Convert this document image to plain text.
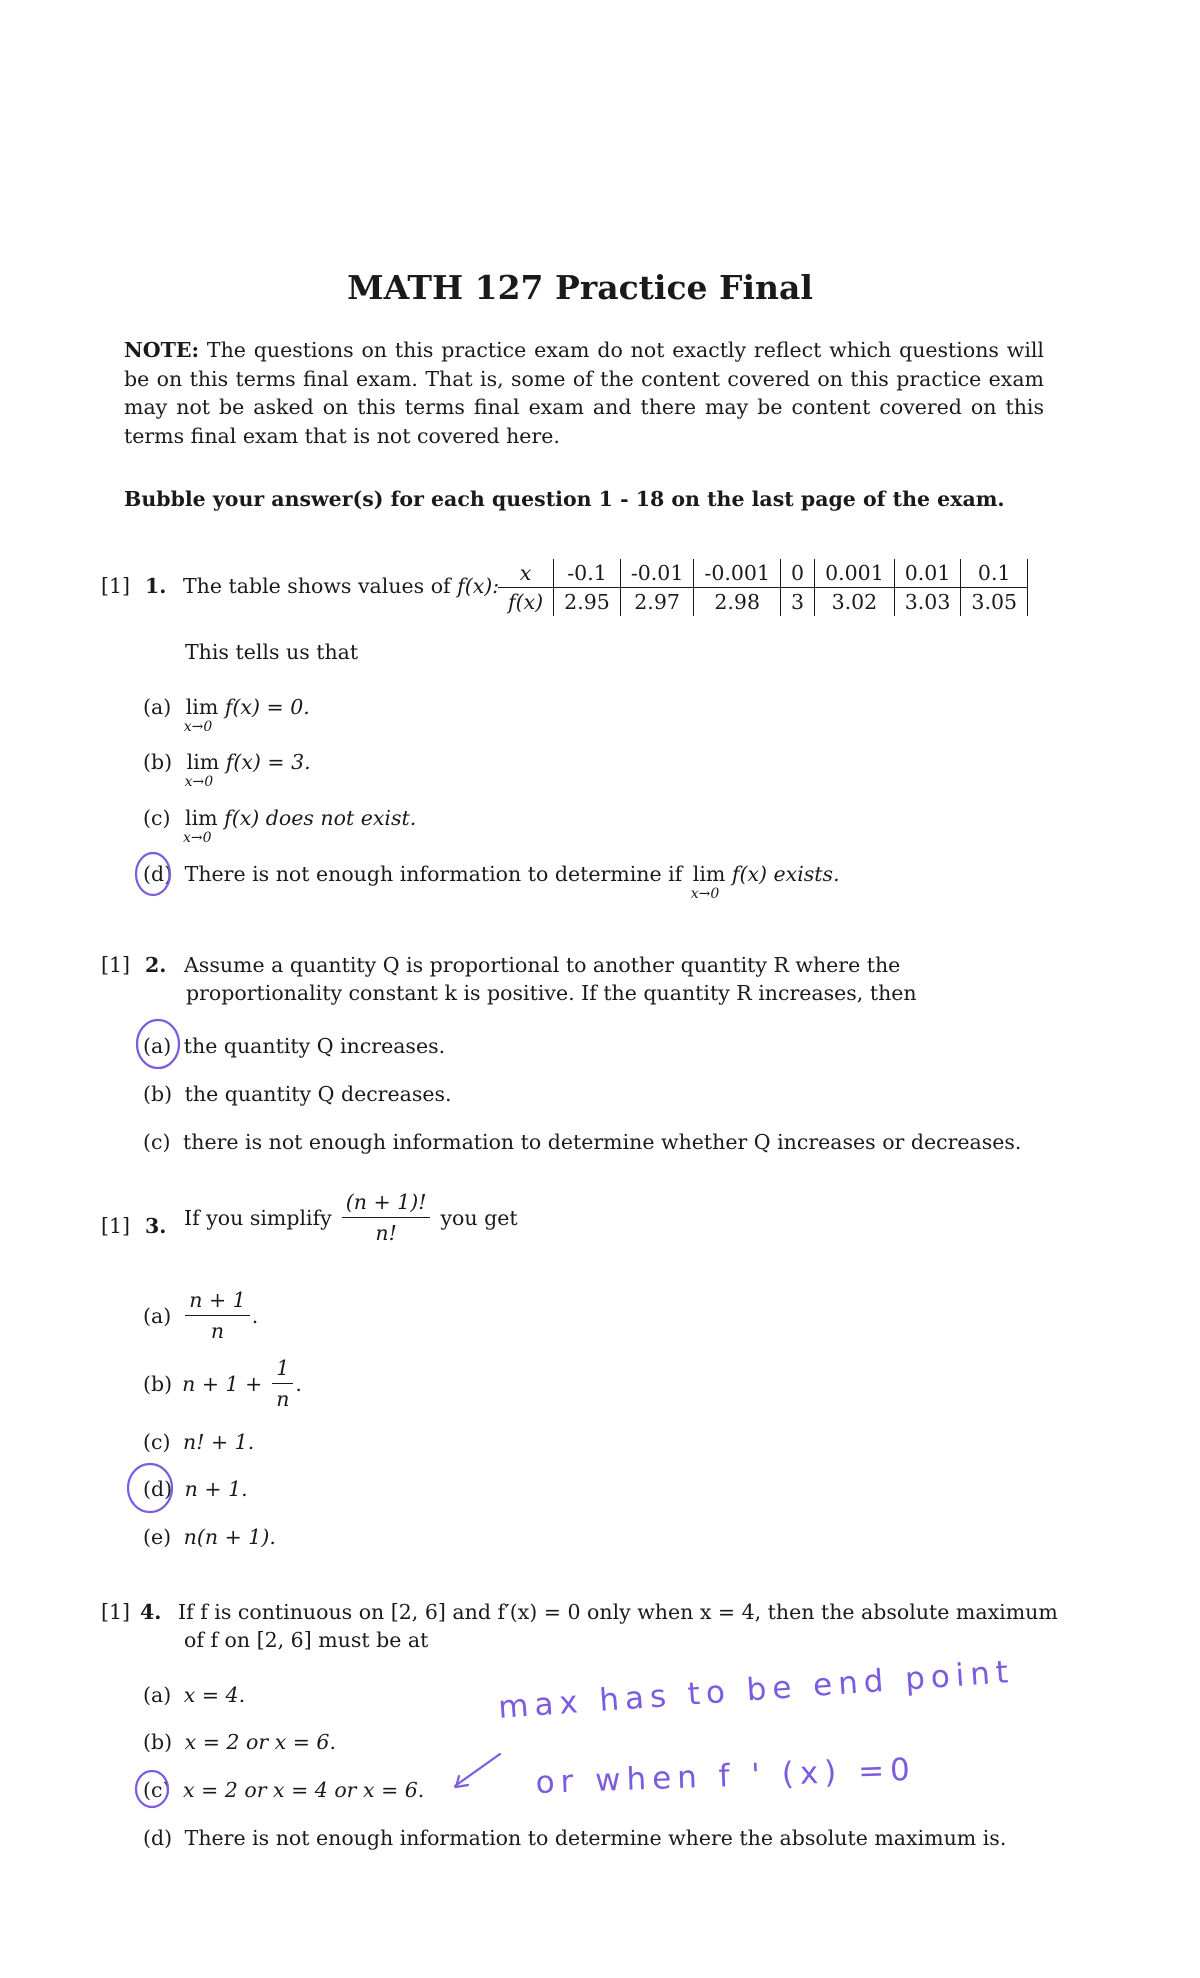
MATH 127 Practice Final
NOTE: The questions on this practice exam do not exactly reflect which questions will be on this terms final exam. That is, some of the content covered on this practice exam may not be asked on this terms final exam and there may be content covered on this terms final exam that is not covered here.
Bubble your answer(s) for each question 1 - 18 on the last page of the exam.
[1] 1. The table shows values of f(x):
x	-0.1	-0.01	-0.001	0	0.001	0.01	0.1
f(x)	2.95	2.97	2.98	3	3.02	3.03	3.05
This tells us that
(a) lim
x→0
f(x) = 0.
(b) lim
x→0
f(x) = 3.
(c) lim
x→0
f(x) does not exist.
(d) There is not enough information to determine if lim
x→0
f(x) exists.
[1] 2. Assume a quantity Q is proportional to another quantity R where the
proportionality constant k is positive. If the quantity R increases, then
(a) the quantity Q increases.
(b) the quantity Q decreases.
(c) there is not enough information to determine whether Q increases or decreases.
[1] 3. If you simplify $\frac{(n + 1)!}{n!}$ you get
$(a) \frac{n + 1}{n}$ .
(b) $n + 1 + \frac{1}{n}$ .
(c) n! + 1.
(d) n + 1.
(e) n(n + 1).
[1] 4. If f is continuous on [2, 6] and f′(x) = 0 only when x = 4, then the absolute maximum
of f on [2, 6] must be at
(a) x = 4.
(b) x = 2 or x = 6.
(c) x = 2 or x = 4 or x = 6.
(d) There is not enough information to determine where the absolute maximum is.
max has to be end point
or when f ' (x) =0
